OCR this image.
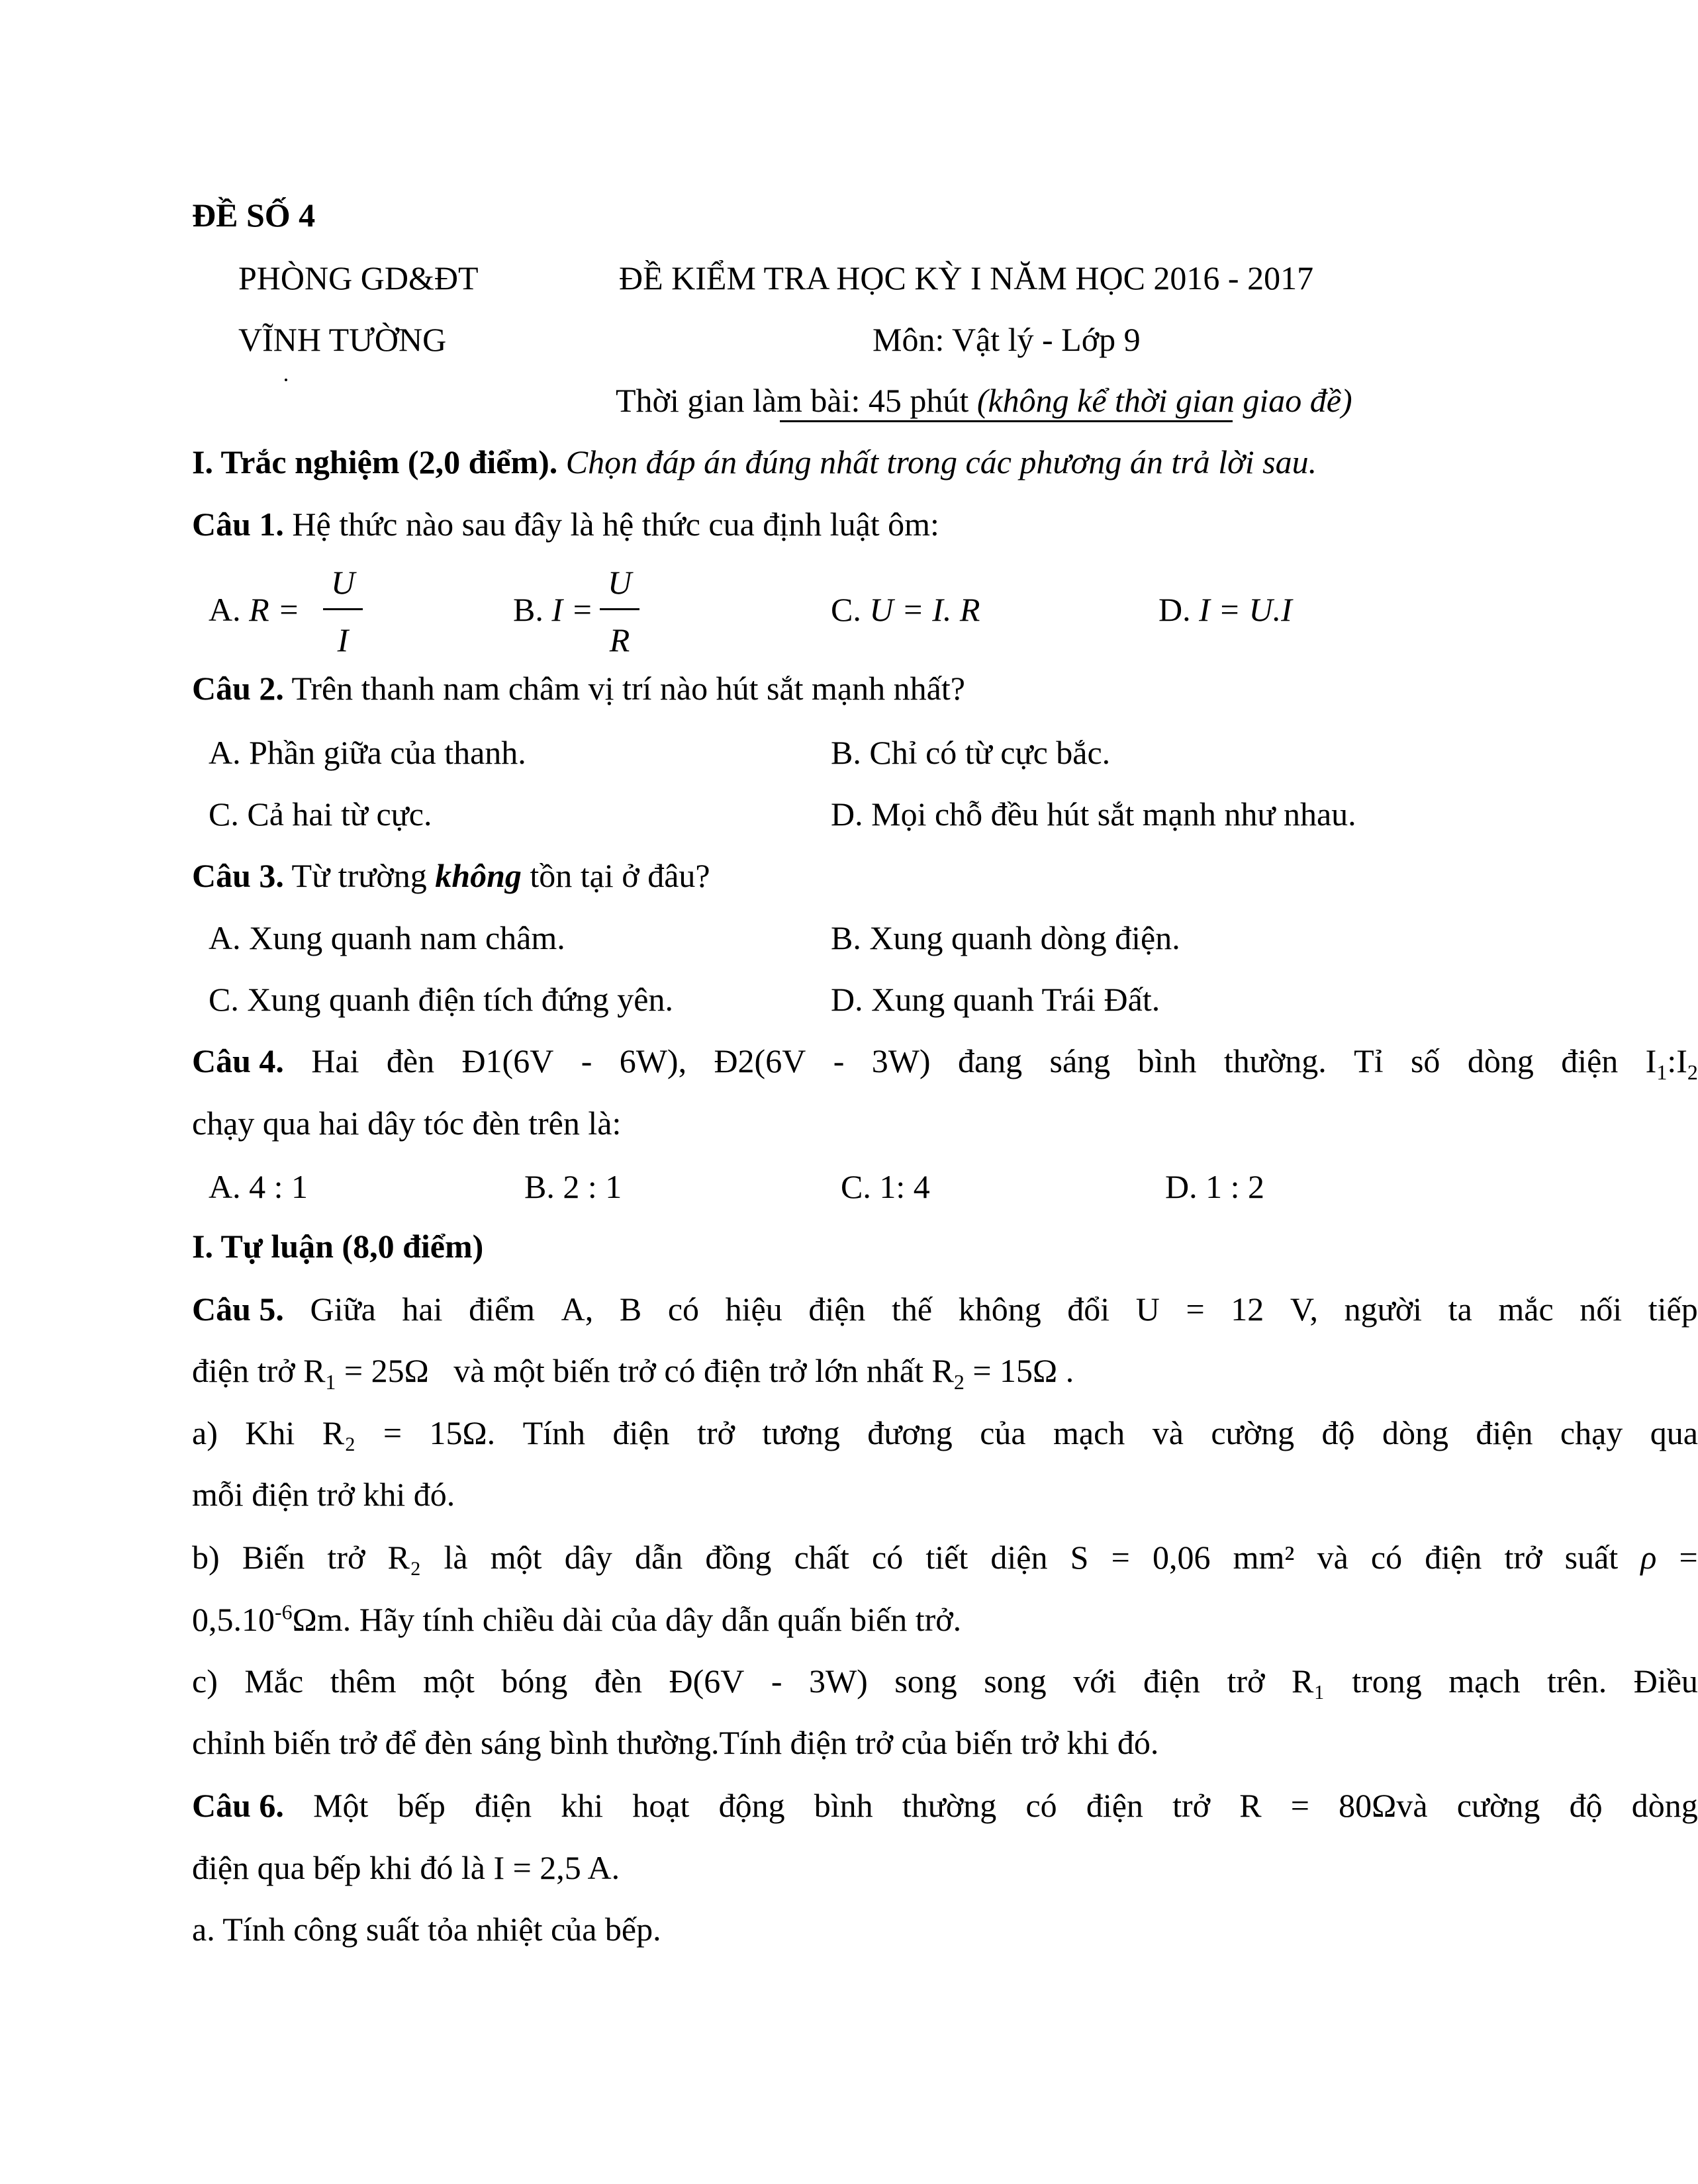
ĐỀ SỐ 4
PHÒNG GD&ĐT
VĨNH TƯỜNG
ĐỀ KIỂM TRA HỌC KỲ I NĂM HỌC 2016 - 2017
Môn: Vật lý - Lớp 9
Thời gian làm bài: 45 phút (không kể thời gian giao đề)
I. Trắc nghiệm (2,0 điểm). Chọn đáp án đúng nhất trong các phương án trả lời sau.
Câu 1. Hệ thức nào sau đây là hệ thức cua định luật ôm:
A. R =
U
I
B. I =
U
R
C. U = I. R	D. I = U.I
Câu 2. Trên thanh nam châm vị trí nào hút sắt mạnh nhất?
A. Phần giữa của thanh.	B. Chỉ có từ cực bắc.
C. Cả hai từ cực.	D. Mọi chỗ đều hút sắt mạnh như nhau.
Câu 3. Từ trường không tồn tại ở đâu?
A. Xung quanh nam châm.	B. Xung quanh dòng điện.
C. Xung quanh điện tích đứng yên.	D. Xung quanh Trái Đất.
Câu 4. Hai đèn Đ1(6V - 6W), Đ2(6V - 3W) đang sáng bình thường. Tỉ số dòng điện $I_1:I_2$
chạy qua hai dây tóc đèn trên là:
A. 4 : 1	B. 2 : 1	C. 1: 4	D. 1 : 2
I. Tự luận (8,0 điểm)
Câu 5. Giữa hai điểm A, B có hiệu điện thế không đổi U = 12 V, người ta mắc nối tiếp
điện trở $R_1 = 25\Omega$   và một biến trở có điện trở lớn nhất $R_2 = 15\Omega$ .
a) Khi R₂ = 15Ω. Tính điện trở tương đương của mạch và cường độ dòng điện chạy qua
mỗi điện trở khi đó.
b) Biến trở R₂ là một dây dẫn đồng chất có tiết diện S = 0,06 mm² và có điện trở suất ρ =
$0,5.10^{-6}\Omega m$. Hãy tính chiều dài của dây dẫn quấn biến trở.
c) Mắc thêm một bóng đèn Đ(6V - 3W) song song với điện trở R₁ trong mạch trên. Điều
chỉnh biến trở để đèn sáng bình thường.Tính điện trở của biến trở khi đó.
Câu 6. Một bếp điện khi hoạt động bình thường có điện trở R = 80Ωvà cường độ dòng
điện qua bếp khi đó là I = 2,5 A.
a. Tính công suất tỏa nhiệt của bếp.
